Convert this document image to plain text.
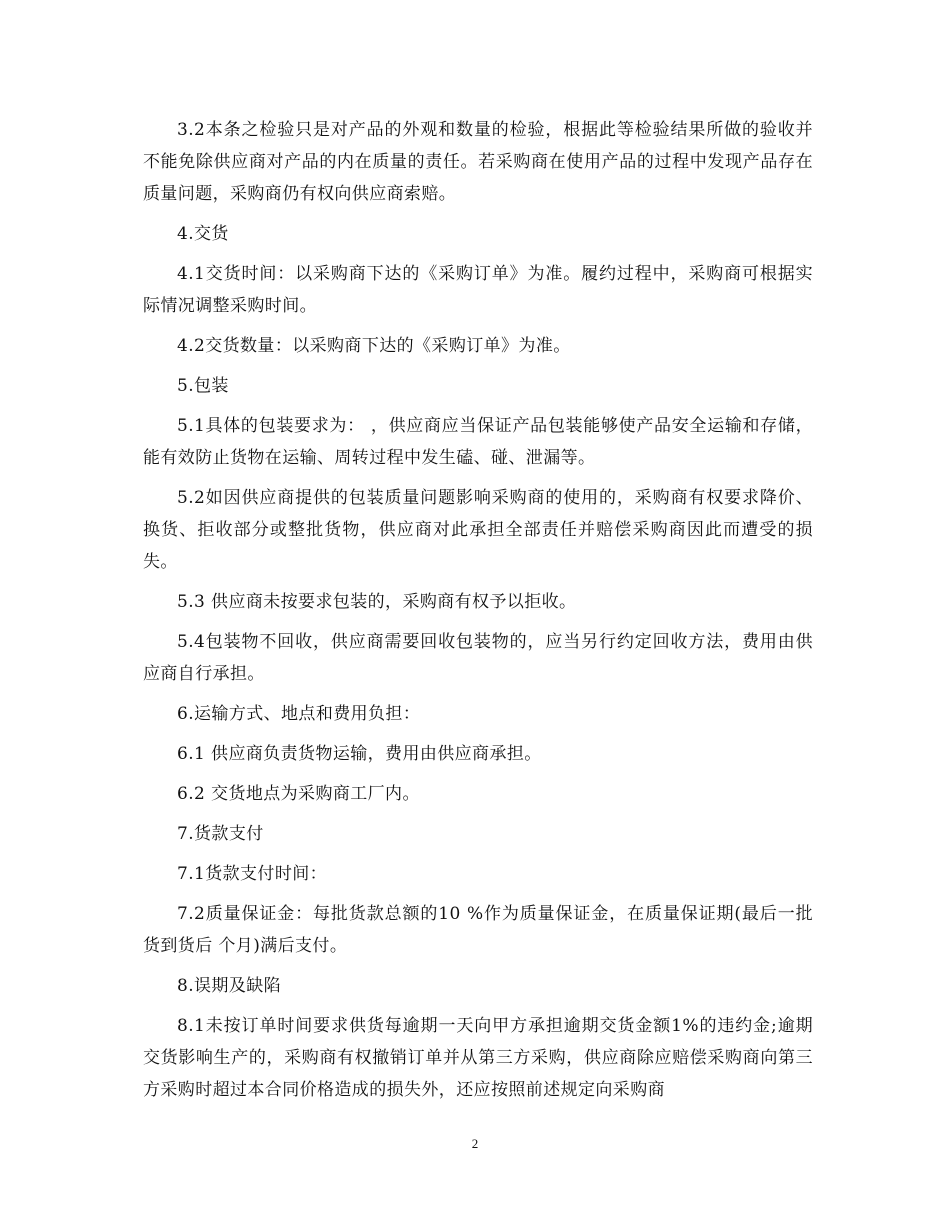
3.2本条之检验只是对产品的外观和数量的检验，根据此等检验结果所做的验收并不能免除供应商对产品的内在质量的责任。若采购商在使用产品的过程中发现产品存在质量问题，采购商仍有权向供应商索赔。

4.交货

4.1交货时间：以采购商下达的《采购订单》为准。履约过程中，采购商可根据实际情况调整采购时间。

4.2交货数量：以采购商下达的《采购订单》为准。

5.包装

5.1具体的包装要求为： ，供应商应当保证产品包装能够使产品安全运输和存储，能有效防止货物在运输、周转过程中发生磕、碰、泄漏等。

5.2如因供应商提供的包装质量问题影响采购商的使用的，采购商有权要求降价、换货、拒收部分或整批货物，供应商对此承担全部责任并赔偿采购商因此而遭受的损失。

5.3 供应商未按要求包装的，采购商有权予以拒收。

5.4包装物不回收，供应商需要回收包装物的，应当另行约定回收方法，费用由供应商自行承担。

6.运输方式、地点和费用负担：

6.1 供应商负责货物运输，费用由供应商承担。

6.2 交货地点为采购商工厂内。

7.货款支付

7.1货款支付时间：

7.2质量保证金：每批货款总额的10 %作为质量保证金，在质量保证期(最后一批货到货后 个月)满后支付。

8.误期及缺陷

8.1未按订单时间要求供货每逾期一天向甲方承担逾期交货金额1%的违约金;逾期交货影响生产的，采购商有权撤销订单并从第三方采购，供应商除应赔偿采购商向第三方采购时超过本合同价格造成的损失外，还应按照前述规定向采购商

2
